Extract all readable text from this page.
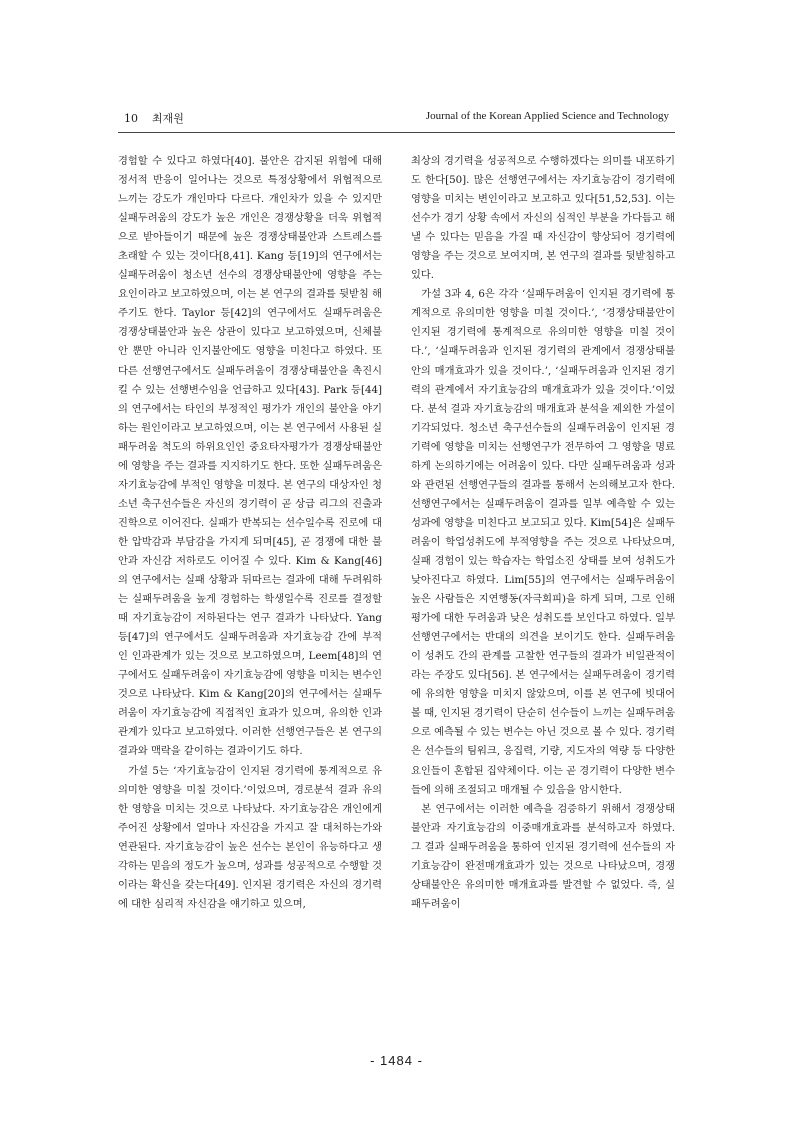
10 최재원	Journal of the Korean Applied Science and Technology

경험할 수 있다고 하였다[40]. 불안은 감지된 위험에 대해 정서적 반응이 일어나는 것으로 특정상황에서 위협적으로 느끼는 강도가 개인마다 다르다. 개인차가 있을 수 있지만 실패두려움의 강도가 높은 개인은 경쟁상황을 더욱 위협적으로 받아들이기 때문에 높은 경쟁상태불안과 스트레스를 초래할 수 있는 것이다[8,41]. Kang 등[19]의 연구에서는 실패두려움이 청소년 선수의 경쟁상태불안에 영향을 주는 요인이라고 보고하였으며, 이는 본 연구의 결과를 뒷받침 해주기도 한다. Taylor 등[42]의 연구에서도 실패두려움은 경쟁상태불안과 높은 상관이 있다고 보고하였으며, 신체불안 뿐만 아니라 인지불안에도 영향을 미친다고 하였다. 또 다른 선행연구에서도 실패두려움이 경쟁상태불안을 촉진시킬 수 있는 선행변수임을 언급하고 있다[43]. Park 등[44]의 연구에서는 타인의 부정적인 평가가 개인의 불안을 야기하는 원인이라고 보고하였으며, 이는 본 연구에서 사용된 실패두려움 척도의 하위요인인 중요타자평가가 경쟁상태불안에 영향을 주는 결과를 지지하기도 한다. 또한 실패두려움은 자기효능감에 부적인 영향을 미쳤다. 본 연구의 대상자인 청소년 축구선수들은 자신의 경기력이 곧 상급 리그의 진출과 진학으로 이어진다. 실패가 반복되는 선수일수록 진로에 대한 압박감과 부담감을 가지게 되며[45], 곧 경쟁에 대한 불안과 자신감 저하로도 이어질 수 있다. Kim & Kang[46]의 연구에서는 실패 상황과 뒤따르는 결과에 대해 두려워하는 실패두려움을 높게 경험하는 학생일수록 진로를 결정할 때 자기효능감이 저하된다는 연구 결과가 나타났다. Yang 등[47]의 연구에서도 실패두려움과 자기효능감 간에 부적인 인과관계가 있는 것으로 보고하였으며, Leem[48]의 연구에서도 실패두려움이 자기효능감에 영향을 미치는 변수인 것으로 나타났다. Kim & Kang[20]의 연구에서는 실패두려움이 자기효능감에 직접적인 효과가 있으며, 유의한 인과관계가 있다고 보고하였다. 이러한 선행연구들은 본 연구의 결과와 맥락을 같이하는 결과이기도 하다.

가설 5는 ‘자기효능감이 인지된 경기력에 통계적으로 유의미한 영향을 미칠 것이다.’이었으며, 경로분석 결과 유의한 영향을 미치는 것으로 나타났다. 자기효능감은 개인에게 주어진 상황에서 얼마나 자신감을 가지고 잘 대처하는가와 연관된다. 자기효능감이 높은 선수는 본인이 유능하다고 생각하는 믿음의 정도가 높으며, 성과를 성공적으로 수행할 것이라는 확신을 갖는다[49]. 인지된 경기력은 자신의 경기력에 대한 심리적 자신감을 얘기하고 있으며,

최상의 경기력을 성공적으로 수행하겠다는 의미를 내포하기도 한다[50]. 많은 선행연구에서는 자기효능감이 경기력에 영향을 미치는 변인이라고 보고하고 있다[51,52,53]. 이는 선수가 경기 상황 속에서 자신의 심적인 부분을 가다듬고 해낼 수 있다는 믿음을 가질 때 자신감이 향상되어 경기력에 영향을 주는 것으로 보여지며, 본 연구의 결과를 뒷받침하고 있다.

가설 3과 4, 6은 각각 ‘실패두려움이 인지된 경기력에 통계적으로 유의미한 영향을 미칠 것이다.’, ‘경쟁상태불안이 인지된 경기력에 통계적으로 유의미한 영향을 미칠 것이다.’, ‘실패두려움과 인지된 경기력의 관계에서 경쟁상태불안의 매개효과가 있을 것이다.’, ‘실패두려움과 인지된 경기력의 관계에서 자기효능감의 매개효과가 있을 것이다.’이었다. 분석 결과 자기효능감의 매개효과 분석을 제외한 가설이 기각되었다. 청소년 축구선수들의 실패두려움이 인지된 경기력에 영향을 미치는 선행연구가 전무하여 그 영향을 명료하게 논의하기에는 어려움이 있다. 다만 실패두려움과 성과와 관련된 선행연구들의 결과를 통해서 논의해보고자 한다. 선행연구에서는 실패두려움이 결과를 일부 예측할 수 있는 성과에 영향을 미친다고 보고되고 있다. Kim[54]은 실패두려움이 학업성취도에 부적영향을 주는 것으로 나타났으며, 실패 경험이 있는 학습자는 학업소진 상태를 보여 성취도가 낮아진다고 하였다. Lim[55]의 연구에서는 실패두려움이 높은 사람들은 지연행동(자극회피)을 하게 되며, 그로 인해 평가에 대한 두려움과 낮은 성취도를 보인다고 하였다. 일부 선행연구에서는 반대의 의견을 보이기도 한다. 실패두려움이 성취도 간의 관계를 고찰한 연구들의 결과가 비일관적이라는 주장도 있다[56]. 본 연구에서는 실패두려움이 경기력에 유의한 영향을 미치지 않았으며, 이를 본 연구에 빗대어 볼 때, 인지된 경기력이 단순히 선수들이 느끼는 실패두려움으로 예측될 수 있는 변수는 아닌 것으로 볼 수 있다. 경기력은 선수들의 팀워크, 응집력, 기량, 지도자의 역량 등 다양한 요인들이 혼합된 집약체이다. 이는 곧 경기력이 다양한 변수들에 의해 조절되고 매개될 수 있음을 암시한다.

본 연구에서는 이러한 예측을 검증하기 위해서 경쟁상태불안과 자기효능감의 이중매개효과를 분석하고자 하였다. 그 결과 실패두려움을 통하여 인지된 경기력에 선수들의 자기효능감이 완전매개효과가 있는 것으로 나타났으며, 경쟁상태불안은 유의미한 매개효과를 발견할 수 없었다. 즉, 실패두려움이

- 1484 -
